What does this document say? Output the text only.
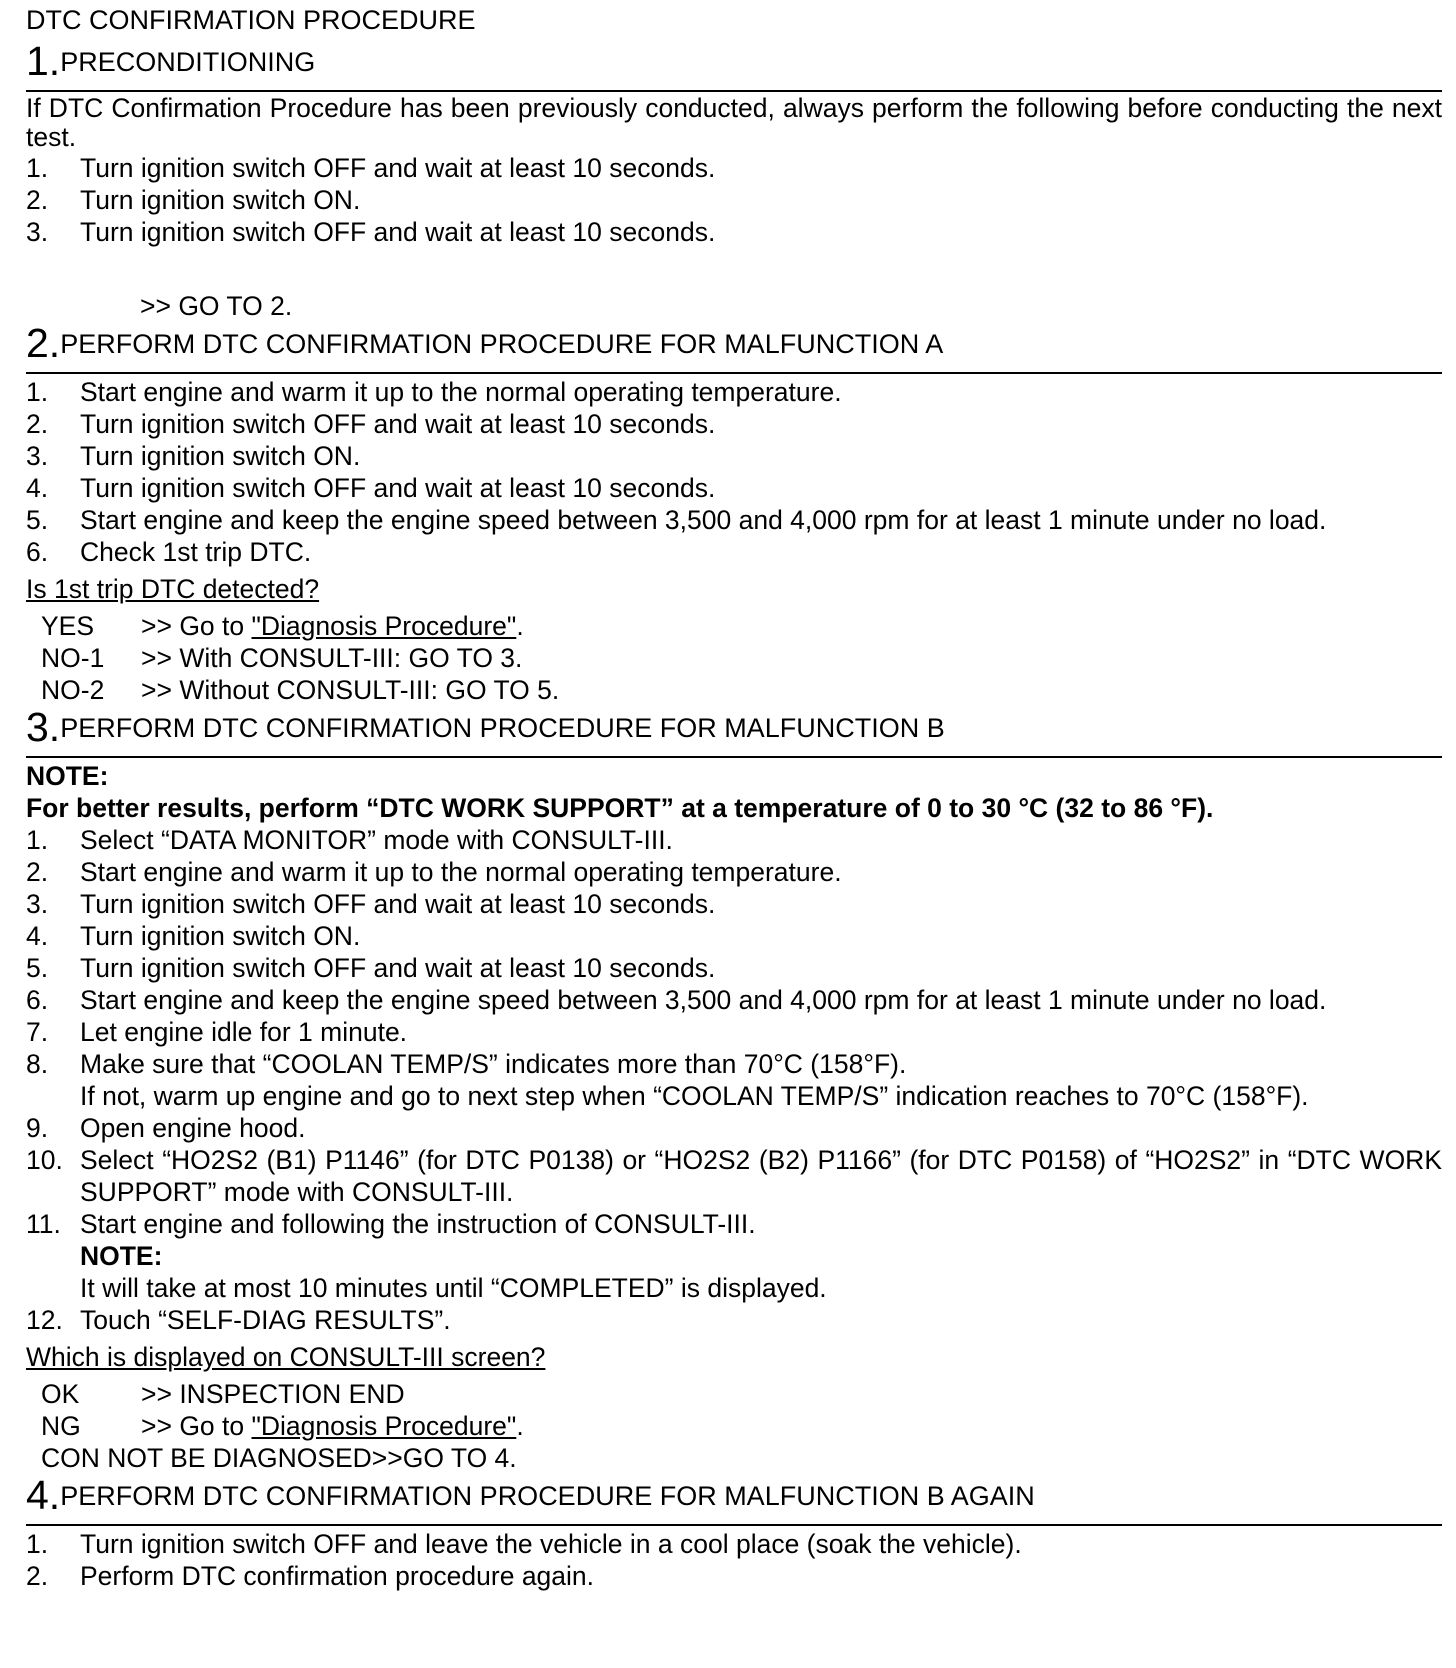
DTC CONFIRMATION PROCEDURE
1. PRECONDITIONING
If DTC Confirmation Procedure has been previously conducted, always perform the following before conducting the next test.
1.	Turn ignition switch OFF and wait at least 10 seconds.
2.	Turn ignition switch ON.
3.	Turn ignition switch OFF and wait at least 10 seconds.
>> GO TO 2.
2. PERFORM DTC CONFIRMATION PROCEDURE FOR MALFUNCTION A
1.	Start engine and warm it up to the normal operating temperature.
2.	Turn ignition switch OFF and wait at least 10 seconds.
3.	Turn ignition switch ON.
4.	Turn ignition switch OFF and wait at least 10 seconds.
5.	Start engine and keep the engine speed between 3,500 and 4,000 rpm for at least 1 minute under no load.
6.	Check 1st trip DTC.
Is 1st trip DTC detected?
YES	>> Go to "Diagnosis Procedure".
NO-1	>> With CONSULT-III: GO TO 3.
NO-2	>> Without CONSULT-III: GO TO 5.
3. PERFORM DTC CONFIRMATION PROCEDURE FOR MALFUNCTION B
NOTE:
For better results, perform “DTC WORK SUPPORT” at a temperature of 0 to 30 °C (32 to 86 °F).
1.	Select “DATA MONITOR” mode with CONSULT-III.
2.	Start engine and warm it up to the normal operating temperature.
3.	Turn ignition switch OFF and wait at least 10 seconds.
4.	Turn ignition switch ON.
5.	Turn ignition switch OFF and wait at least 10 seconds.
6.	Start engine and keep the engine speed between 3,500 and 4,000 rpm for at least 1 minute under no load.
7.	Let engine idle for 1 minute.
8.	Make sure that “COOLAN TEMP/S” indicates more than 70°C (158°F).
If not, warm up engine and go to next step when “COOLAN TEMP/S” indication reaches to 70°C (158°F).
9.	Open engine hood.
10. Select “HO2S2 (B1) P1146” (for DTC P0138) or “HO2S2 (B2) P1166” (for DTC P0158) of “HO2S2” in “DTC WORK SUPPORT” mode with CONSULT-III.
11. Start engine and following the instruction of CONSULT-III.
NOTE:
It will take at most 10 minutes until “COMPLETED” is displayed.
12. Touch “SELF-DIAG RESULTS”.
Which is displayed on CONSULT-III screen?
OK	>> INSPECTION END
NG	>> Go to "Diagnosis Procedure".
CON NOT BE DIAGNOSED>>GO TO 4.
4. PERFORM DTC CONFIRMATION PROCEDURE FOR MALFUNCTION B AGAIN
1.	Turn ignition switch OFF and leave the vehicle in a cool place (soak the vehicle).
2.	Perform DTC confirmation procedure again.
